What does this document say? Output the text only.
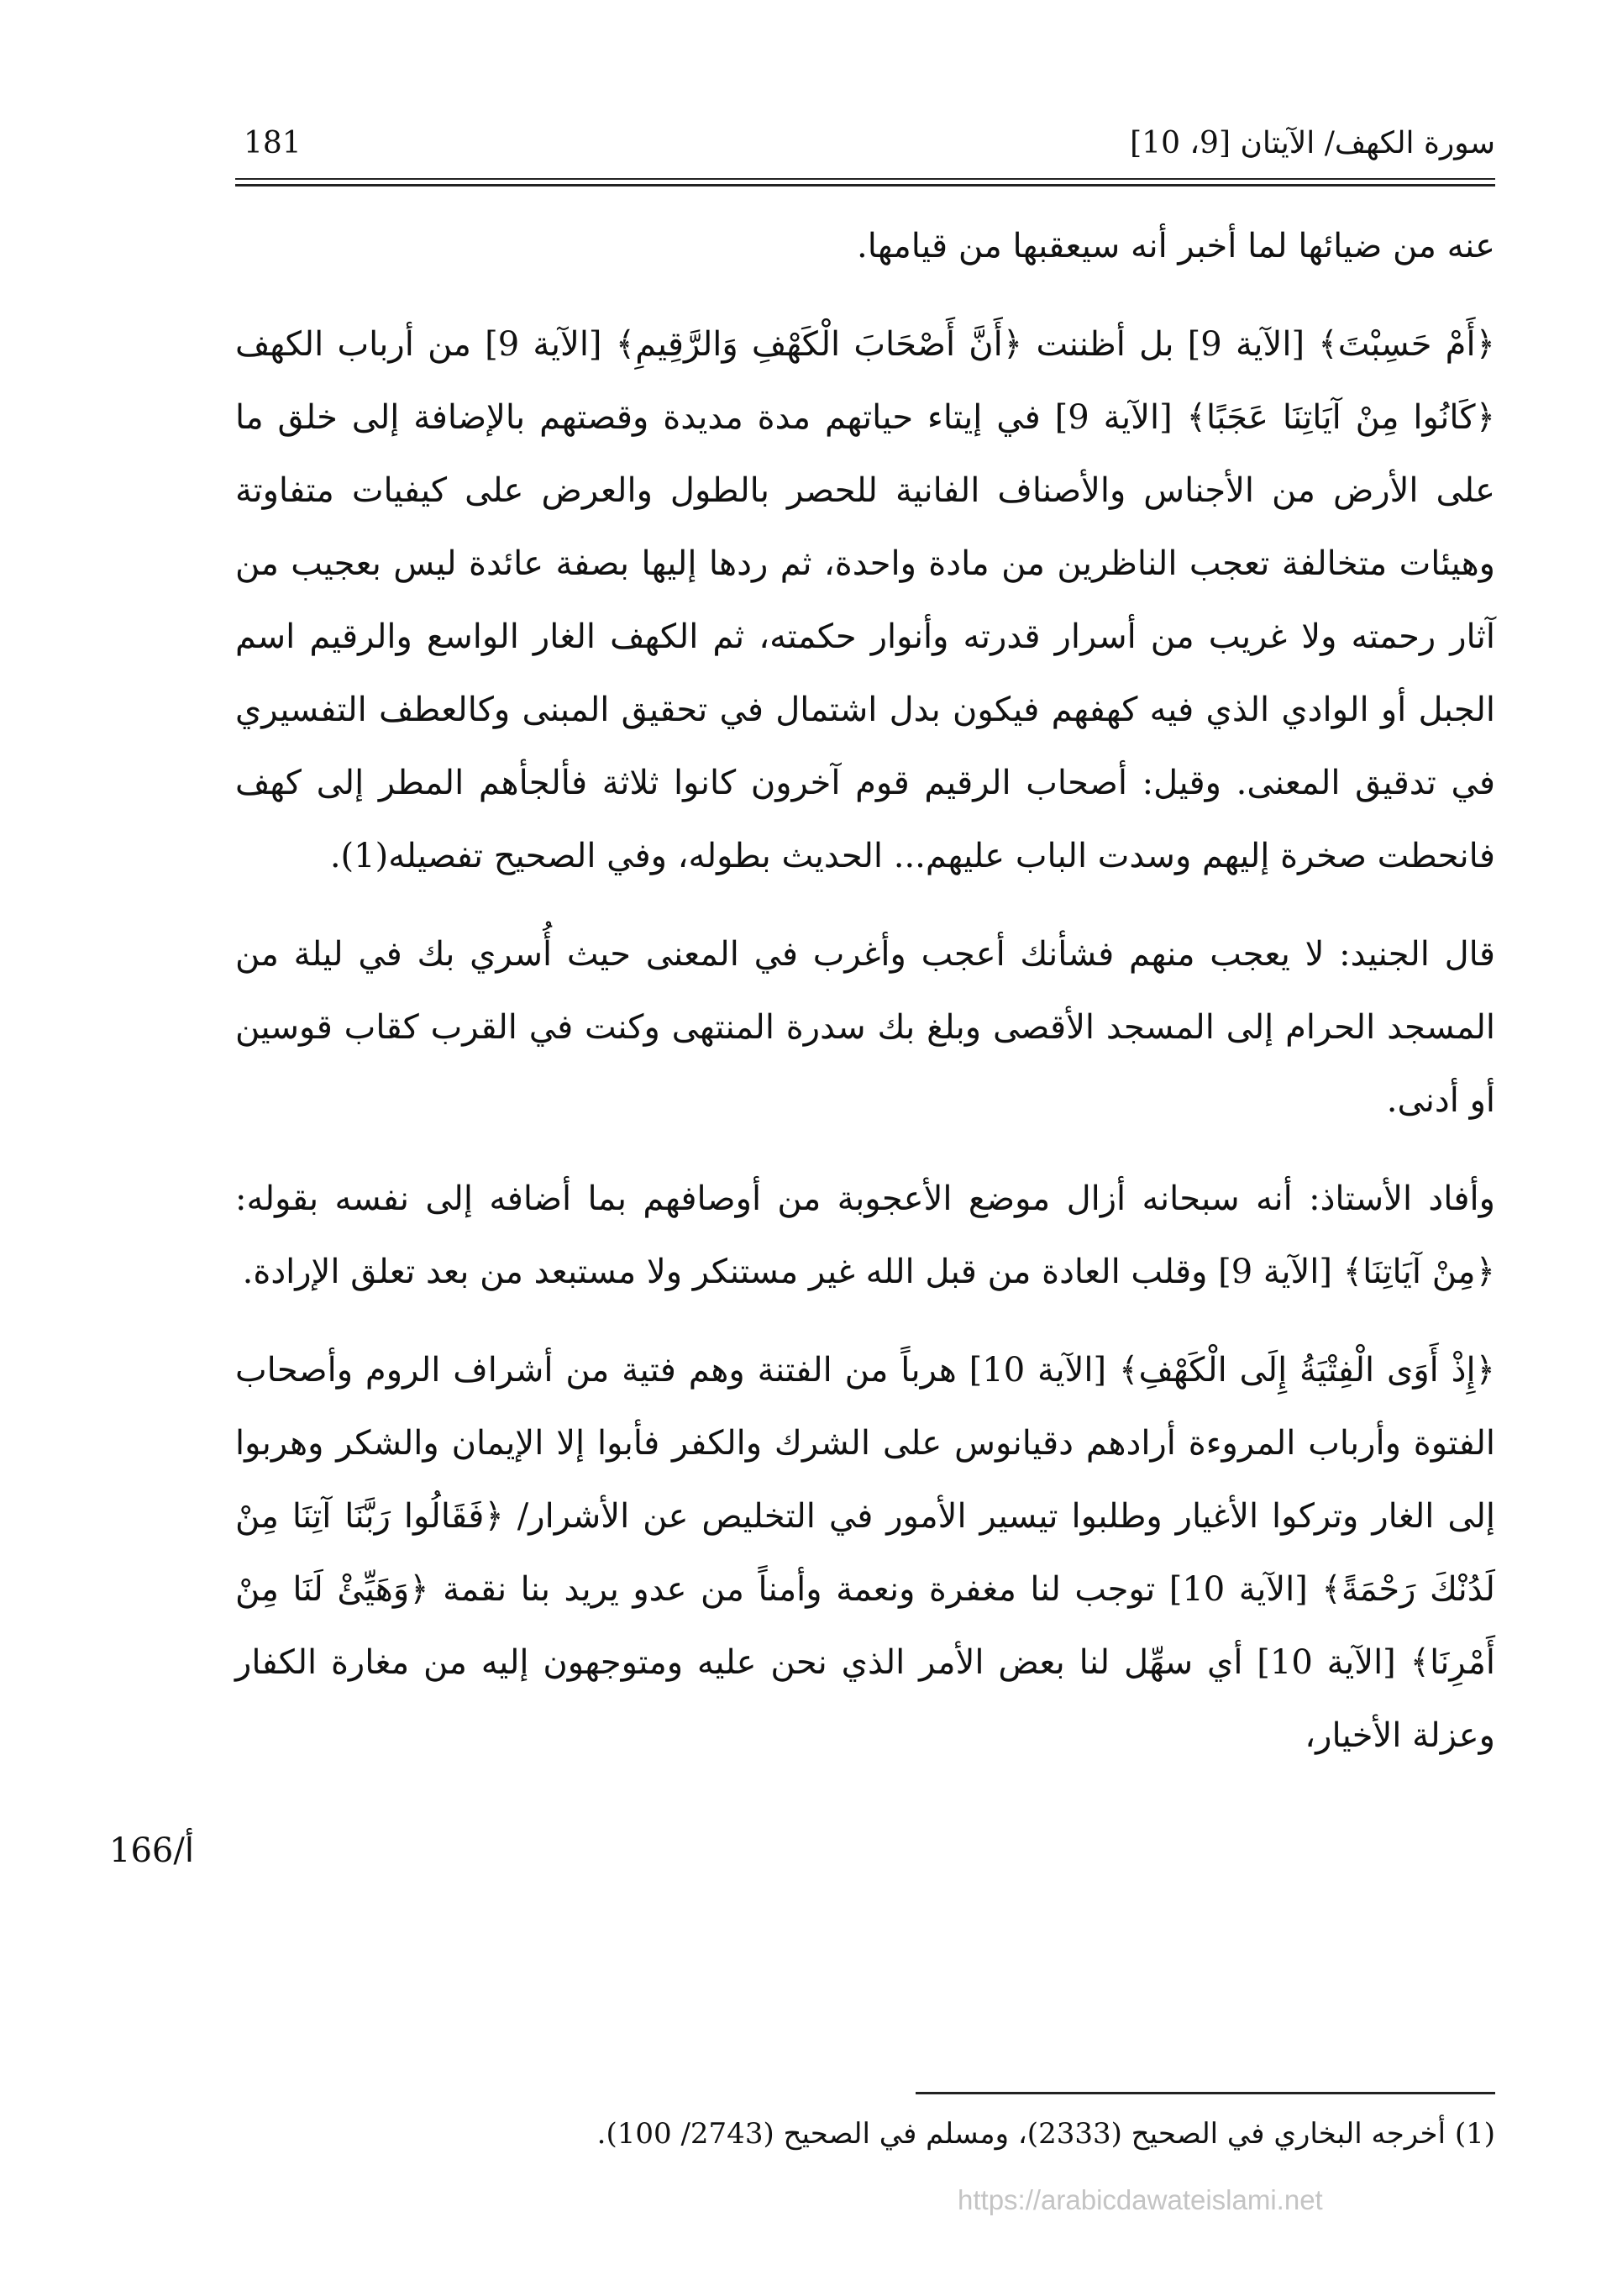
181	سورة الكهف/ الآيتان [9، 10]

عنه من ضيائها لما أخبر أنه سيعقبها من قيامها.

﴿أَمْ حَسِبْتَ﴾ [الآية 9] بل أظننت ﴿أَنَّ أَصْحَابَ الْكَهْفِ وَالرَّقِيمِ﴾ [الآية 9] من أرباب الكهف ﴿كَانُوا مِنْ آيَاتِنَا عَجَبًا﴾ [الآية 9] في إيتاء حياتهم مدة مديدة وقصتهم بالإضافة إلى خلق ما على الأرض من الأجناس والأصناف الفانية للحصر بالطول والعرض على كيفيات متفاوتة وهيئات متخالفة تعجب الناظرين من مادة واحدة، ثم ردها إليها بصفة عائدة ليس بعجيب من آثار رحمته ولا غريب من أسرار قدرته وأنوار حكمته، ثم الكهف الغار الواسع والرقيم اسم الجبل أو الوادي الذي فيه كهفهم فيكون بدل اشتمال في تحقيق المبنى وكالعطف التفسيري في تدقيق المعنى. وقيل: أصحاب الرقيم قوم آخرون كانوا ثلاثة فألجأهم المطر إلى كهف فانحطت صخرة إليهم وسدت الباب عليهم... الحديث بطوله، وفي الصحيح تفصيله(1).

قال الجنيد: لا يعجب منهم فشأنك أعجب وأغرب في المعنى حيث أُسري بك في ليلة من المسجد الحرام إلى المسجد الأقصى وبلغ بك سدرة المنتهى وكنت في القرب كقاب قوسين أو أدنى.

وأفاد الأستاذ: أنه سبحانه أزال موضع الأعجوبة من أوصافهم بما أضافه إلى نفسه بقوله: ﴿مِنْ آيَاتِنَا﴾ [الآية 9] وقلب العادة من قبل الله غير مستنكر ولا مستبعد من بعد تعلق الإرادة.

﴿إِذْ أَوَى الْفِتْيَةُ إِلَى الْكَهْفِ﴾ [الآية 10] هرباً من الفتنة وهم فتية من أشراف الروم وأصحاب الفتوة وأرباب المروءة أرادهم دقيانوس على الشرك والكفر فأبوا إلا الإيمان والشكر وهربوا إلى الغار وتركوا الأغيار وطلبوا تيسير الأمور في التخليص عن الأشرار/ ﴿فَقَالُوا رَبَّنَا آتِنَا مِنْ لَدُنْكَ رَحْمَةً﴾ [الآية 10] توجب لنا مغفرة ونعمة وأمناً من عدو يريد بنا نقمة ﴿وَهَيِّئْ لَنَا مِنْ أَمْرِنَا﴾ [الآية 10] أي سهِّل لنا بعض الأمر الذي نحن عليه ومتوجهون إليه من مغارة الكفار وعزلة الأخيار،

166/أ
(1) أخرجه البخاري في الصحيح (2333)، ومسلم في الصحيح (2743/ 100).
https://arabicdawateislami.net
